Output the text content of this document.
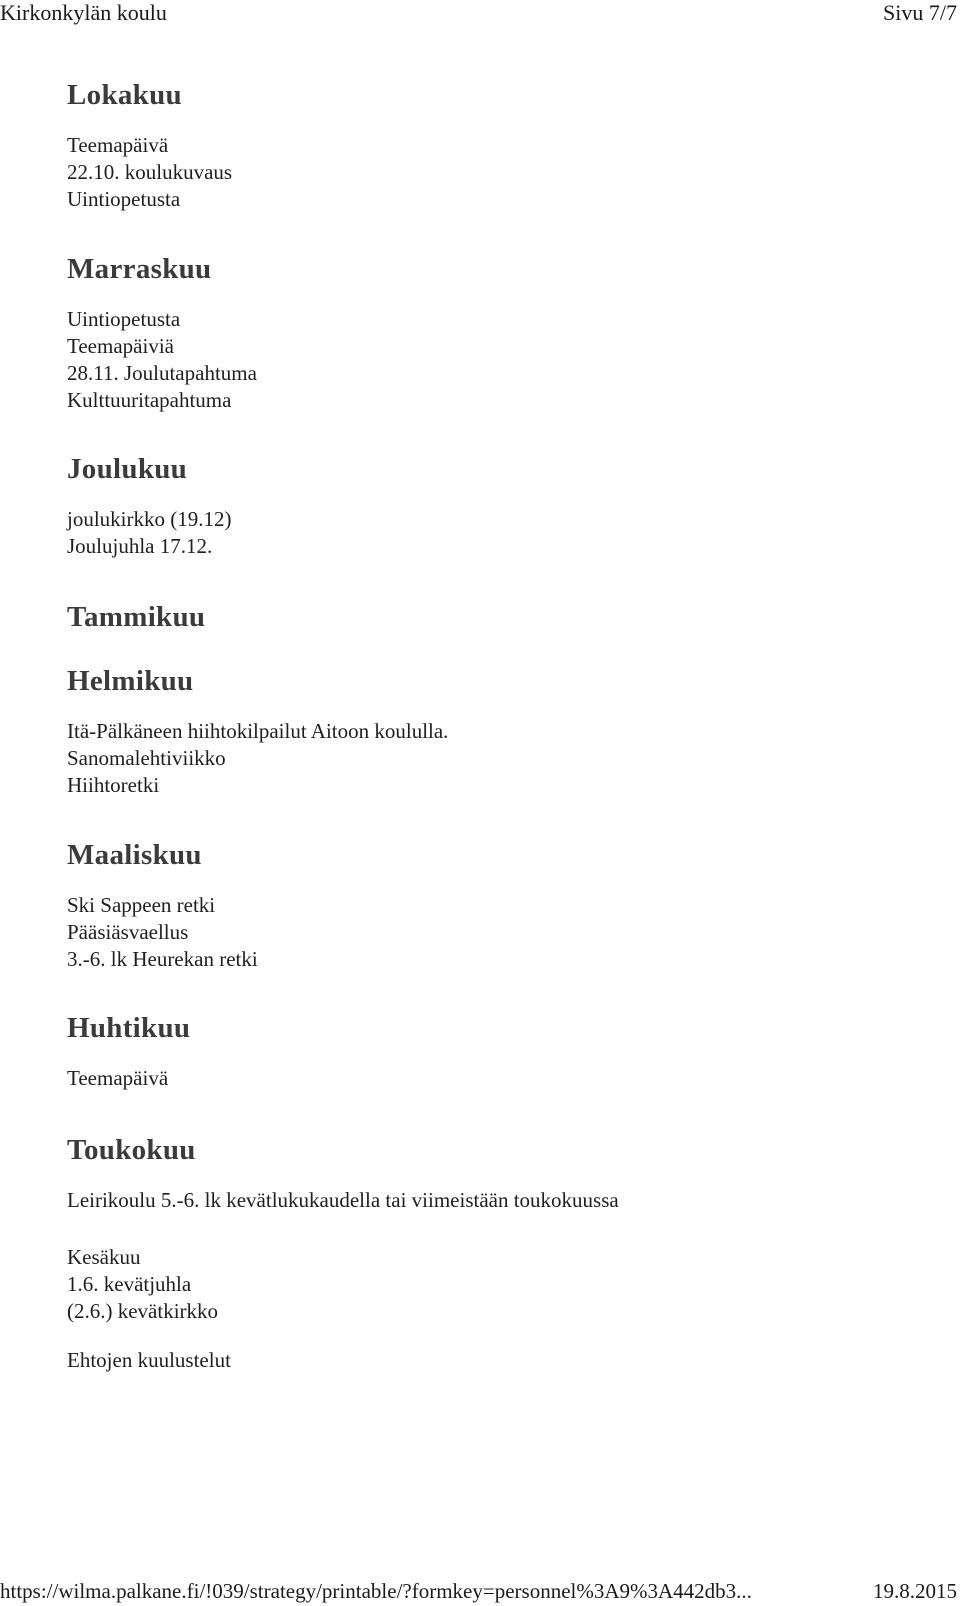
Kirkonkylän koulu	Sivu 7/7
Lokakuu
Teemapäivä
22.10. koulukuvaus
Uintiopetusta
Marraskuu
Uintiopetusta
Teemapäiviä
28.11. Joulutapahtuma
Kulttuuritapahtuma
Joulukuu
joulukirkko (19.12)
Joulujuhla 17.12.
Tammikuu
Helmikuu
Itä-Pälkäneen hiihtokilpailut Aitoon koululla.
Sanomalehtiviikko
Hiihtoretki
Maaliskuu
Ski Sappeen retki
Pääsiäsvaellus
3.-6. lk Heurekan retki
Huhtikuu
Teemapäivä
Toukokuu
Leirikoulu 5.-6. lk kevätlukukaudella tai viimeistään toukokuussa
Kesäkuu
1.6. kevätjuhla
(2.6.) kevätkirkko
Ehtojen kuulustelut
https://wilma.palkane.fi/!039/strategy/printable/?formkey=personnel%3A9%3A442db3...	19.8.2015
